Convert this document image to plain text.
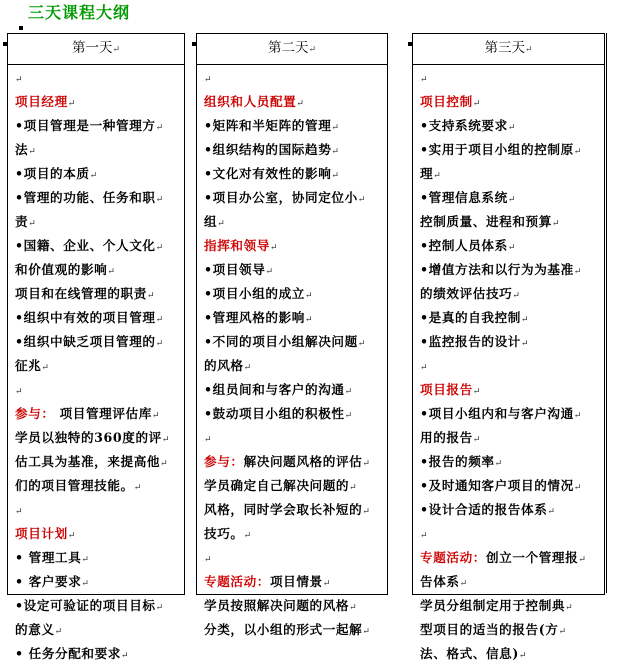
三天课程大纲
第一天↵
↵
项目经理↵
•项目管理是一种管理方↵
法↵
•项目的本质↵
•管理的功能、任务和职↵
责↵
•国籍、企业、个人文化↵
和价值观的影响↵
项目和在线管理的职责↵
•组织中有效的项目管理↵
•组织中缺乏项目管理的↵
征兆↵
↵
参与： 项目管理评估库↵
学员以独特的360度的评↵
估工具为基准，来提高他↵
们的项目管理技能。↵
↵
项目计划↵
• 管理工具↵
• 客户要求↵
•设定可验证的项目目标↵
的意义↵
• 任务分配和要求↵
第二天↵
↵
组织和人员配置↵
•矩阵和半矩阵的管理↵
•组织结构的国际趋势↵
•文化对有效性的影响↵
•项目办公室，协同定位小↵
组↵
指挥和领导↵
•项目领导↵
•项目小组的成立↵
•管理风格的影响↵
•不同的项目小组解决问题↵
的风格↵
•组员间和与客户的沟通↵
•鼓动项目小组的积极性↵
↵
参与：解决问题风格的评估↵
学员确定自己解决问题的↵
风格，同时学会取长补短的↵
技巧。↵
↵
专题活动：项目情景↵
学员按照解决问题的风格↵
分类，以小组的形式一起解↵
第三天↵
↵
项目控制↵
•支持系统要求↵
•实用于项目小组的控制原↵
理↵
•管理信息系统↵
控制质量、进程和预算↵
•控制人员体系↵
•增值方法和以行为为基准↵
的绩效评估技巧↵
•是真的自我控制↵
•监控报告的设计↵
↵
项目报告↵
•项目小组内和与客户沟通↵
用的报告↵
•报告的频率↵
•及时通知客户项目的情况↵
•设计合适的报告体系↵
↵
专题活动：创立一个管理报↵
告体系↵
学员分组制定用于控制典↵
型项目的适当的报告(方↵
法、格式、信息)↵
